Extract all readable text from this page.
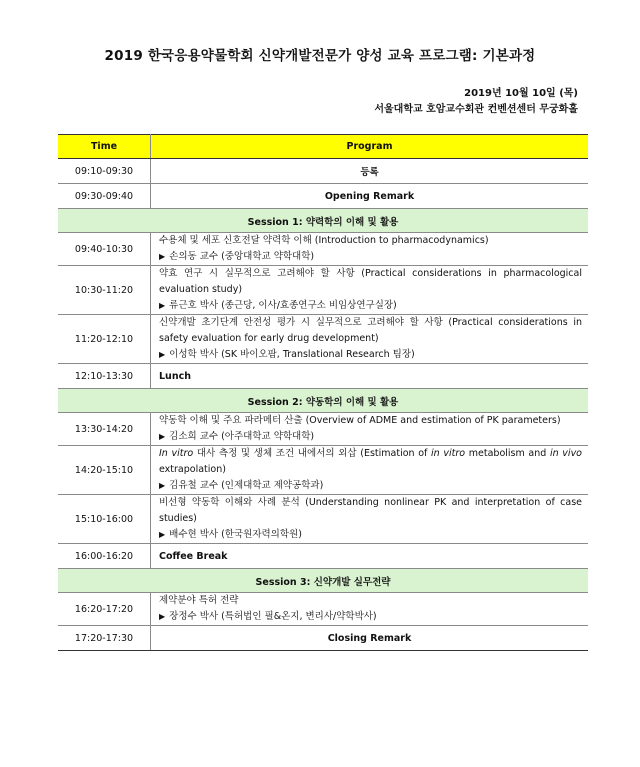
2019 한국응용약물학회 신약개발전문가 양성 교육 프로그램: 기본과정
2019년 10월 10일 (목)
서울대학교 호암교수회관 컨벤션센터 무궁화홀
Time	Program
09:10-09:30	등록
09:30-09:40	Opening Remark
Session 1: 약력학의 이해 및 활용	
09:40-10:30	수용체 및 세포 신호전달 약력학 이해 (Introduction to pharmacodynamics)
▶ 손의동 교수 (중앙대학교 약학대학)

10:30-11:20	약효 연구 시 실무적으로 고려해야 할 사항 (Practical considerations in pharmacological evaluation study)
▶ 류근호 박사 (종근당, 이사/효종연구소 비임상연구실장)

11:20-12:10	신약개발 초기단계 안전성 평가 시 실무적으로 고려해야 할 사항 (Practical considerations in safety evaluation for early drug development)
▶ 이성학 박사 (SK 바이오팜, Translational Research 팀장)

12:10-13:30	Lunch
Session 2: 약동학의 이해 및 활용	
13:30-14:20	약동학 이해 및 주요 파라메터 산출 (Overview of ADME and estimation of PK parameters)
▶ 김소희 교수 (아주대학교 약학대학)

14:20-15:10	In vitro 대사 측정 및 생체 조건 내에서의 외삽 (Estimation of in vitro metabolism and in vivo extrapolation)
▶ 김유철 교수 (인제대학교 제약공학과)

15:10-16:00	비선형 약동학 이해와 사례 분석 (Understanding nonlinear PK and interpretation of case studies)
▶ 배수현 박사 (한국원자력의학원)

16:00-16:20	Coffee Break
Session 3: 신약개발 실무전략	
16:20-17:20	제약분야 특허 전략
▶ 장정수 박사 (특허법인 필&온지, 변리사/약학박사)

17:20-17:30	Closing Remark
